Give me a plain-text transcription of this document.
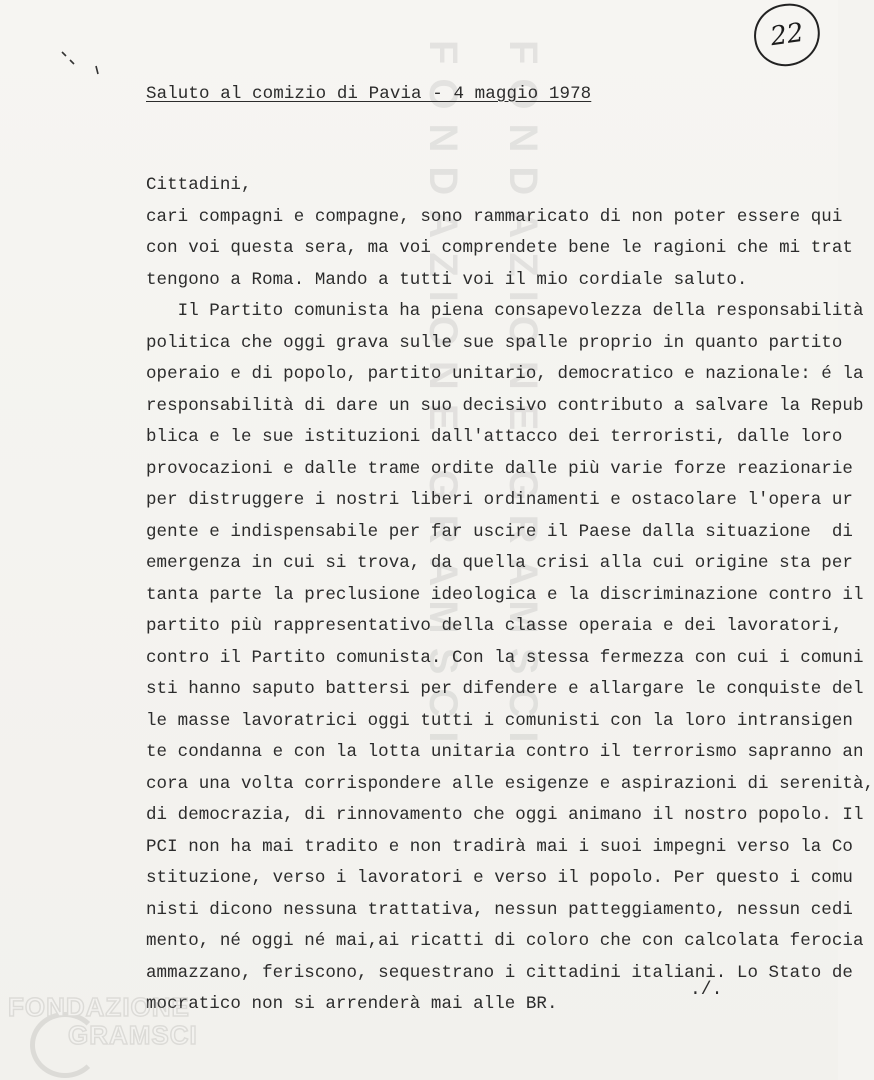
FONDAZIONE GRAMSCI FONDAZIONE GRAMSCI
22
Saluto al comizio di Pavia - 4 maggio 1978
Cittadini,
cari compagni e compagne, sono rammaricato di non poter essere qui
con voi questa sera, ma voi comprendete bene le ragioni che mi trat
tengono a Roma. Mando a tutti voi il mio cordiale saluto.
Il Partito comunista ha piena consapevolezza della responsabilità
politica che oggi grava sulle sue spalle proprio in quanto partito
operaio e di popolo, partito unitario, democratico e nazionale: é la
responsabilità di dare un suo decisivo contributo a salvare la Repub
blica e le sue istituzioni dall'attacco dei terroristi, dalle loro
provocazioni e dalle trame ordite dalle più varie forze reazionarie
per distruggere i nostri liberi ordinamenti e ostacolare l'opera ur
gente e indispensabile per far uscire il Paese dalla situazione  di
emergenza in cui si trova, da quella crisi alla cui origine sta per
tanta parte la preclusione ideologica e la discriminazione contro il
partito più rappresentativo della classe operaia e dei lavoratori,
contro il Partito comunista. Con la stessa fermezza con cui i comuni
sti hanno saputo battersi per difendere e allargare le conquiste del
le masse lavoratrici oggi tutti i comunisti con la loro intransigen
te condanna e con la lotta unitaria contro il terrorismo sapranno an
cora una volta corrispondere alle esigenze e aspirazioni di serenità,
di democrazia, di rinnovamento che oggi animano il nostro popolo. Il
PCI non ha mai tradito e non tradirà mai i suoi impegni verso la Co
stituzione, verso i lavoratori e verso il popolo. Per questo i comu
nisti dicono nessuna trattativa, nessun patteggiamento, nessun cedi
mento, né oggi né mai,ai ricatti di coloro che con calcolata ferocia
ammazzano, feriscono, sequestrano i cittadini italiani. Lo Stato de
mocratico non si arrenderà mai alle BR.
./.
FONDAZIONE
GRAMSCI
